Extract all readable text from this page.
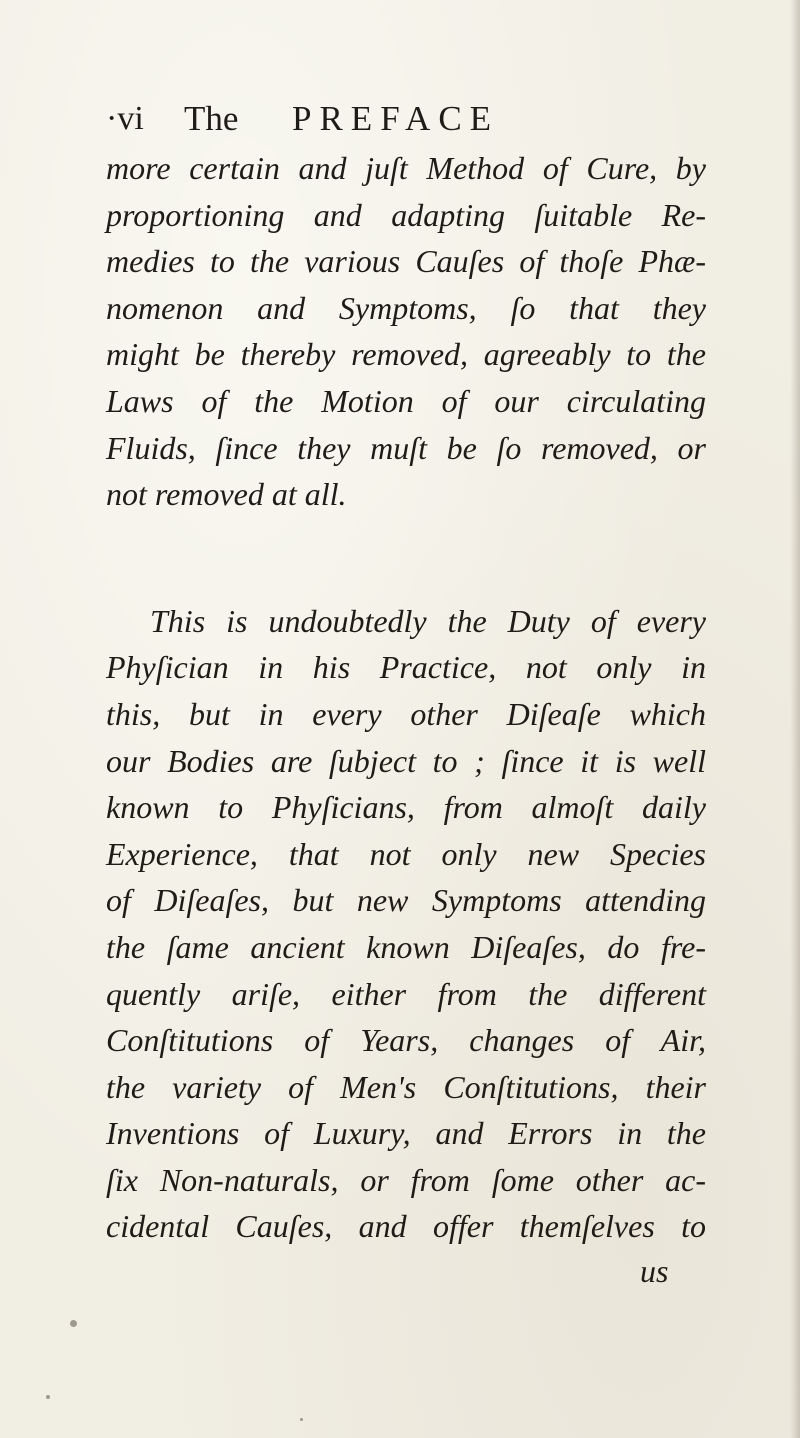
·vi The PREFACE
more certain and juſt Method of Cure, by
proportioning and adapting ſuitable Re-
medies to the various Cauſes of thoſe Phæ-
nomenon and Symptoms, ſo that they
might be thereby removed, agreeably to the
Laws of the Motion of our circulating
Fluids, ſince they muſt be ſo removed, or
not removed at all.
This is undoubtedly the Duty of every
Phyſician in his Practice, not only in
this, but in every other Diſeaſe which
our Bodies are ſubject to ; ſince it is well
known to Phyſicians, from almoſt daily
Experience, that not only new Species
of Diſeaſes, but new Symptoms attending
the ſame ancient known Diſeaſes, do fre-
quently ariſe, either from the different
Conſtitutions of Years, changes of Air,
the variety of Men's Conſtitutions, their
Inventions of Luxury, and Errors in the
ſix Non-naturals, or from ſome other ac-
cidental Cauſes, and offer themſelves to
us
